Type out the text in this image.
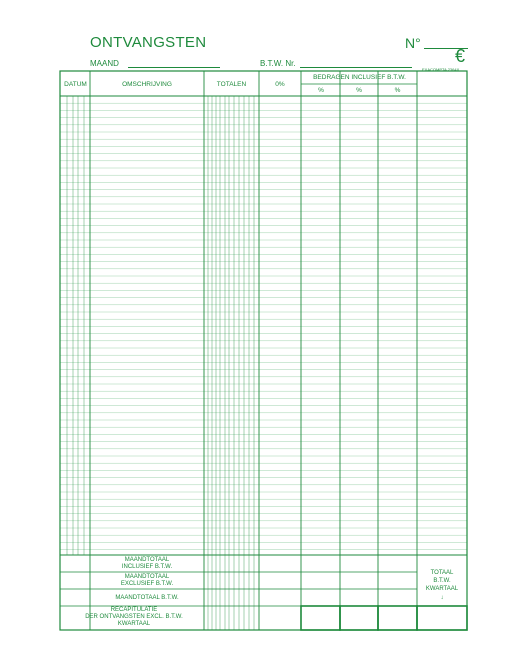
ONTVANGSTEN	N°
€
MAAND	B.T.W. Nr.
EXACOMPTA 2364X
DATUM	OMSCHRIJVING	TOTALEN	0%
BEDRAGEN INCLUSIEF B.T.W.
%	%	%
MAANDTOTAAL
INCLUSIEF B.T.W.
MAANDTOTAAL
EXCLUSIEF B.T.W.
MAANDTOTAAL B.T.W.
RECAPITULATIE
DER ONTVANGSTEN EXCL. B.T.W.
KWARTAAL
TOTAAL
B.T.W.
KWARTAAL
↓
